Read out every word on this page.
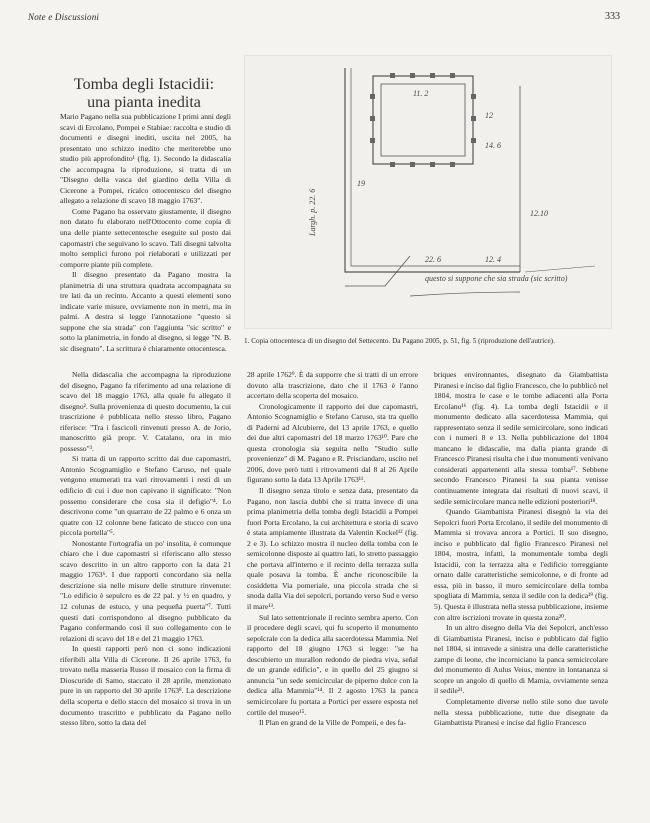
Note e Discussioni	333
Tomba degli Istacidii:
una pianta inedita
Largh. p. 22. 6
19
11. 2
12
14. 6
22. 6	12. 4
12.10
questo si suppone che sia strada (sic scritto)
1. Copia ottocentesca di un disegno del Settecento. Da Pagano 2005, p. 51, fig. 5 (riproduzione dell'autrice).

Mario Pagano nella sua pubblicazione I primi anni degli scavi di Ercolano, Pompei e Stabiae: raccolta e studio di documenti e disegni inediti, uscita nel 2005, ha presentato uno schizzo inedito che meriterebbe uno studio più approfondito¹ (fig. 1). Secondo la didascalia che accompagna la riproduzione, si tratta di un "Disegno della vasca del giardino della Villa di Cicerone a Pompei, ricalco ottocentesco del disegno allegato a relazione di scavo 18 maggio 1763".

Come Pagano ha osservato giustamente, il disegno non datato fu elaborato nell'Ottocento come copia di una delle piante settecentesche eseguite sul posto dai capomastri che seguivano lo scavo. Tali disegni talvolta molto semplici furono poi rielaborati e utilizzati per comporre piante più complete.

Il disegno presentato da Pagano mostra la planimetria di una struttura quadrata accompagnata su tre lati da un recinto. Accanto a questi elementi sono indicate varie misure, ovviamente non in metri, ma in palmi. A destra si legge l'annotazione "questo si suppone che sia strada" con l'aggiunta "sic scritto" e sotto la planimetria, in fondo al disegno, si legge "N. B. sic disegnato". La scrittura è chiaramente ottocentesca.

Nella didascalia che accompagna la riproduzione del disegno, Pagano fa riferimento ad una relazione di scavo del 18 maggio 1763, alla quale fu allegato il disegno². Sulla provenienza di questo documento, la cui trascrizione è pubblicata nello stesso libro, Pagano riferisce: "Tra i fascicoli rinvenuti presso A. de Jorio, manoscritto già propr. V. Catalano, ora in mio possesso"³.

Si tratta di un rapporto scritto dai due capomastri, Antonio Scognamiglio e Stefano Caruso, nel quale vengono enumerati tra vari ritrovamenti i resti di un edificio di cui i due non capivano il significato: "Non possemo considerare che cosa sia il defigio"⁴. Lo descrivono come "un quarrato de 22 palmo e 6 onza un quatre con 12 colonne bene faticato de stucco con una piccola portella"⁵.

Nonostante l'ortografia un po' insolita, è comunque chiaro che i due capomastri si riferiscano allo stesso scavo descritto in un altro rapporto con la data 21 maggio 1763⁶. I due rapporti concordano sia nella descrizione sia nelle misure delle strutture rinvenute: "Lo edificio è sepulcro es de 22 pal. y ½ en quadro, y 12 colunas de estuco, y una pequeña puerta"⁷. Tutti questi dati corrispondono al disegno pubblicato da Pagano confermando così il suo collegamento con le relazioni di scavo del 18 e del 21 maggio 1763.

In questi rapporti però non ci sono indicazioni riferibili alla Villa di Cicerone. Il 26 aprile 1763, fu trovato nella masseria Russo il mosaico con la firma di Dioscuride di Samo, staccato il 28 aprile, menzionato pure in un rapporto del 30 aprile 1763⁸. La descrizione della scoperta e dello stacco del mosaico si trova in un documento trascritto e pubblicato da Pagano nello stesso libro, sotto la data del

28 aprile 1762⁹. È da supporre che si tratti di un errore dovuto alla trascrizione, dato che il 1763 è l'anno accertato della scoperta del mosaico.

Cronologicamente il rapporto dei due capomastri, Antonio Scognamiglio e Stefano Caruso, sta tra quello di Paderni ad Alcubierre, del 13 aprile 1763, e quello dei due altri capomastri del 18 marzo 1763¹⁰. Pare che questa cronologia sia seguita nello "Studio sulle provenienze" di M. Pagano e R. Prisciandaro, uscito nel 2006, dove però tutti i ritrovamenti dal 8 al 26 Aprile figurano sotto la data 13 Aprile 1763¹¹.

Il disegno senza titolo e senza data, presentato da Pagano, non lascia dubbi che si tratta invece di una prima planimetria della tomba degli Istacidii a Pompei fuori Porta Ercolano, la cui architettura e storia di scavo è stata ampiamente illustrata da Valentin Kockel¹² (fig. 2 e 3). Lo schizzo mostra il nucleo della tomba con le semicolonne disposte ai quattro lati, lo stretto passaggio che portava all'interno e il recinto della terrazza sulla quale posava la tomba. È anche riconoscibile la cosiddetta Via pomeriale, una piccola strada che si snoda dalla Via dei sepolcri, portando verso Sud e verso il mare¹³.

Sul lato settentrionale il recinto sembra aperto. Con il procedere degli scavi, qui fu scoperto il monumento sepolcrale con la dedica alla sacerdotessa Mammia. Nel rapporto del 18 giugno 1763 si legge: "se ha descubierto un murallon redondo de piedra viva, señal de un grande edificio", e in quello del 25 giugno si annuncia "un sede semicircular de piperno dulce con la dedica alla Mammia"¹⁴. Il 2 agosto 1763 la panca semicircolare fu portata a Portici per essere esposta nel cortile del museo¹⁵.

Il Plan en grand de la Ville de Pompeii, e des fa-

briques environnantes, disegnato da Giambattista Piranesi e inciso dal figlio Francesco, che lo pubblicò nel 1804, mostra le case e le tombe adiacenti alla Porta Ercolano¹⁶ (fig. 4). La tomba degli Istacidii e il monumento dedicato alla sacerdotessa Mammia, qui rappresentato senza il sedile semicircolare, sono indicati con i numeri 8 e 13. Nella pubblicazione del 1804 mancano le didascalie, ma dalla pianta grande di Francesco Piranesi risulta che i due monumenti venivano considerati appartenenti alla stessa tomba¹⁷. Sebbene secondo Francesco Piranesi la sua pianta venisse continuamente integrata dai risultati di nuovi scavi, il sedile semicircolare manca nelle edizioni posteriori¹⁸.

Quando Giambattista Piranesi disegnò la via dei Sepolcri fuori Porta Ercolano, il sedile del monumento di Mammia si trovava ancora a Portici. Il suo disegno, inciso e pubblicato dal figlio Francesco Piranesi nel 1804, mostra, infatti, la monumentale tomba degli Istacidii, con la terrazza alta e l'edificio torreggiante ornato dalle caratteristiche semicolonne, e di fronte ad essa, più in basso, il muro semicircolare della tomba spogliata di Mammia, senza il sedile con la dedica¹⁹ (fig. 5). Questa è illustrata nella stessa pubblicazione, insieme con altre iscrizioni trovate in questa zona²⁰.

In un altro disegno della Via dei Sepolcri, anch'esso di Giambattista Piranesi, inciso e pubblicato dal figlio nel 1804, si intravede a sinistra una delle caratteristiche zampe di leone, che incorniciano la panca semicircolare del monumento di Aulus Veius, mentre in lontananza si scopre un angolo di quello di Mamia, ovviamente senza il sedile²¹.

Completamente diverse nello stile sono due tavole nella stessa pubblicazione, tutte due disegnate da Giambattista Piranesi e incise dal figlio Francesco
